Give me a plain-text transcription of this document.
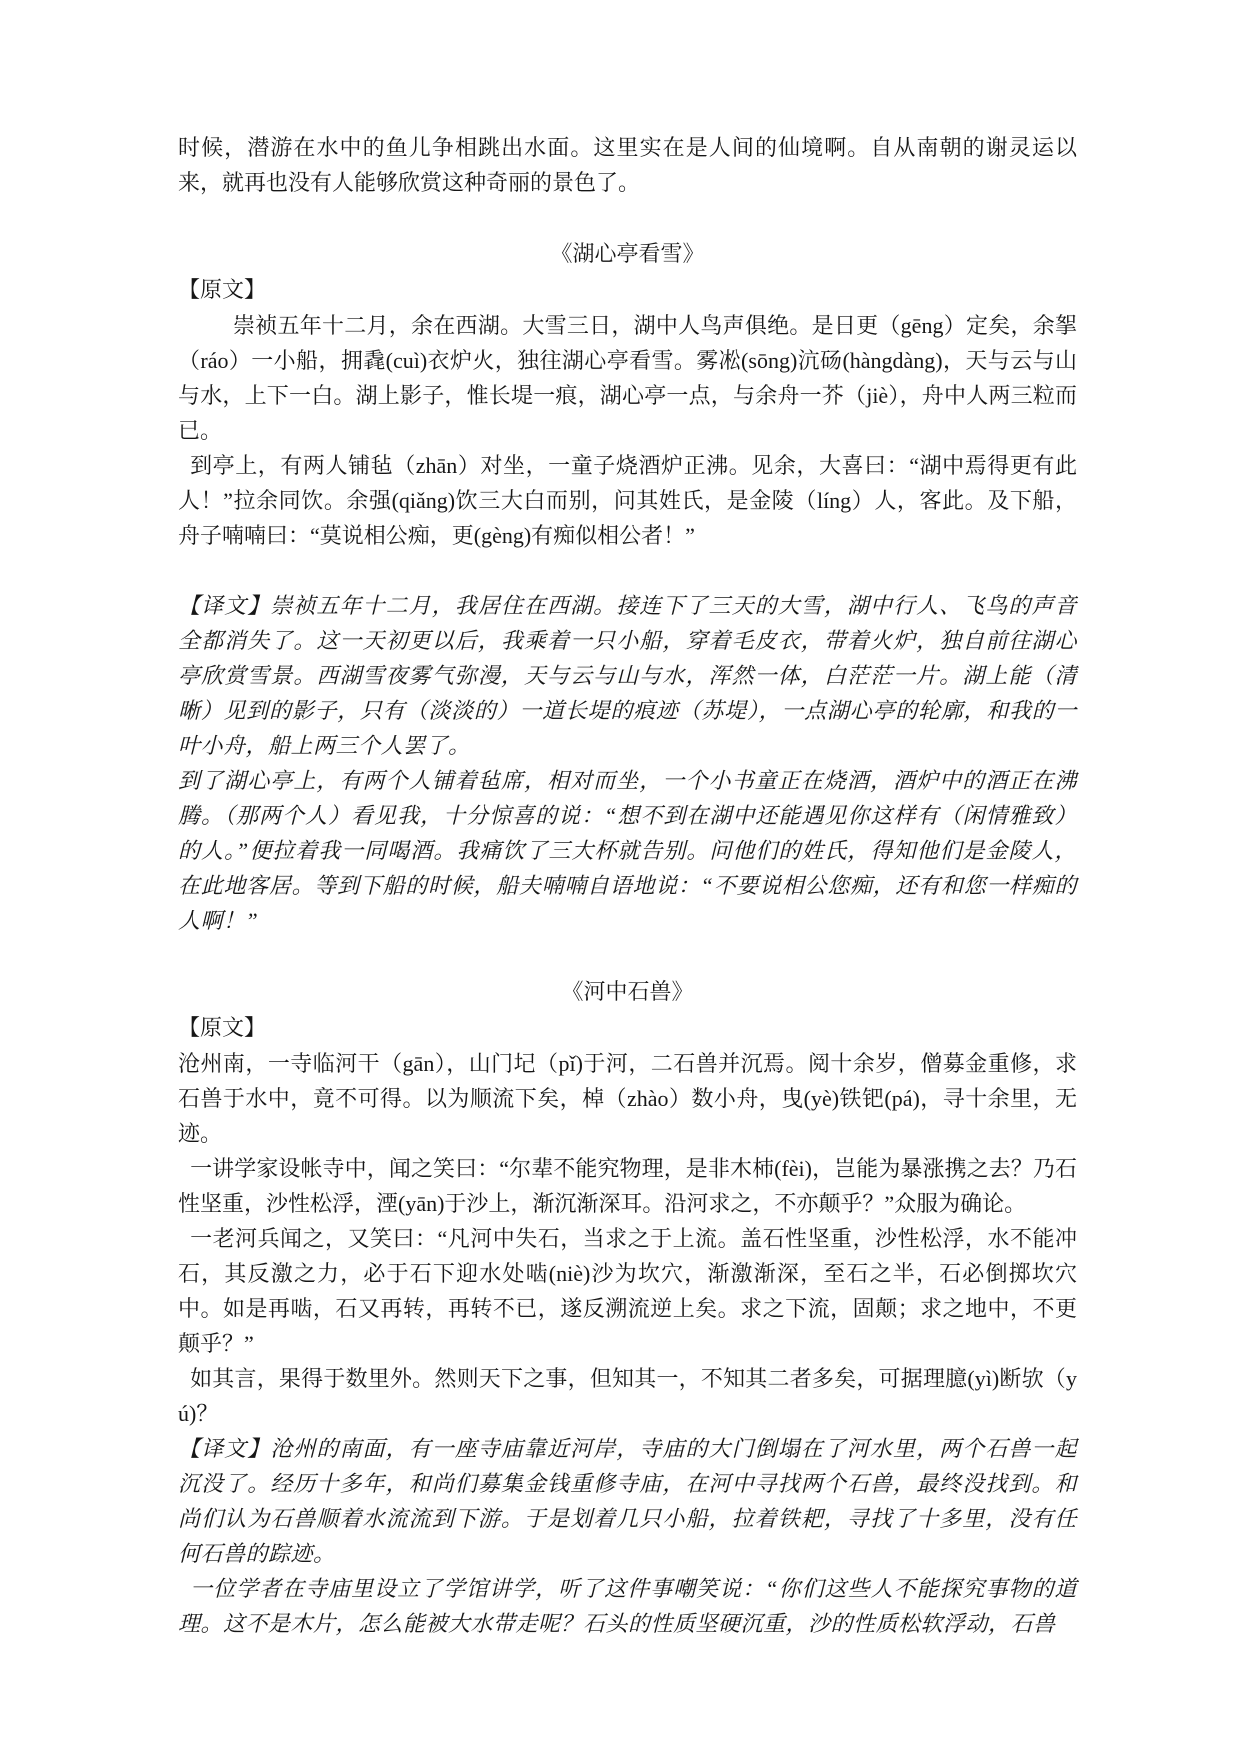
时候，潜游在水中的鱼儿争相跳出水面。这里实在是人间的仙境啊。自从南朝的谢灵运以来，就再也没有人能够欣赏这种奇丽的景色了。

《湖心亭看雪》

【原文】

崇祯五年十二月，余在西湖。大雪三日，湖中人鸟声俱绝。是日更（gēng）定矣，余挐（ráo）一小船，拥毳(cuì)衣炉火，独往湖心亭看雪。雾凇(sōng)沆砀(hàngdàng)，天与云与山与水，上下一白。湖上影子，惟长堤一痕，湖心亭一点，与余舟一芥（jiè），舟中人两三粒而已。

到亭上，有两人铺毡（zhān）对坐，一童子烧酒炉正沸。见余，大喜曰：“湖中焉得更有此人！”拉余同饮。余强(qiǎng)饮三大白而别，问其姓氏，是金陵（líng）人，客此。及下船，舟子喃喃曰：“莫说相公痴，更(gèng)有痴似相公者！”

【译文】崇祯五年十二月，我居住在西湖。接连下了三天的大雪，湖中行人、飞鸟的声音全都消失了。这一天初更以后，我乘着一只小船，穿着毛皮衣，带着火炉，独自前往湖心亭欣赏雪景。西湖雪夜雾气弥漫，天与云与山与水，浑然一体，白茫茫一片。湖上能（清晰）见到的影子，只有（淡淡的）一道长堤的痕迹（苏堤），一点湖心亭的轮廓，和我的一叶小舟，船上两三个人罢了。

到了湖心亭上，有两个人铺着毡席，相对而坐，一个小书童正在烧酒，酒炉中的酒正在沸腾。（那两个人）看见我，十分惊喜的说：“想不到在湖中还能遇见你这样有（闲情雅致）的人。”便拉着我一同喝酒。我痛饮了三大杯就告别。问他们的姓氏，得知他们是金陵人，在此地客居。等到下船的时候，船夫喃喃自语地说：“不要说相公您痴，还有和您一样痴的人啊！”

《河中石兽》

【原文】

沧州南，一寺临河干（gān），山门圮（pǐ)于河，二石兽并沉焉。阅十余岁，僧募金重修，求石兽于水中，竟不可得。以为顺流下矣，棹（zhào）数小舟，曳(yè)铁钯(pá)，寻十余里，无迹。

一讲学家设帐寺中，闻之笑曰：“尔辈不能究物理，是非木杮(fèi)，岂能为暴涨携之去？乃石性坚重，沙性松浮，湮(yān)于沙上，渐沉渐深耳。沿河求之，不亦颠乎？”众服为确论。

一老河兵闻之，又笑曰：“凡河中失石，当求之于上流。盖石性坚重，沙性松浮，水不能冲石，其反激之力，必于石下迎水处啮(niè)沙为坎穴，渐激渐深，至石之半，石必倒掷坎穴中。如是再啮，石又再转，再转不已，遂反溯流逆上矣。求之下流，固颠；求之地中，不更颠乎？”

如其言，果得于数里外。然则天下之事，但知其一，不知其二者多矣，可据理臆(yì)断欤（yú)？

【译文】沧州的南面，有一座寺庙靠近河岸，寺庙的大门倒塌在了河水里，两个石兽一起沉没了。经历十多年，和尚们募集金钱重修寺庙，在河中寻找两个石兽，最终没找到。和尚们认为石兽顺着水流流到下游。于是划着几只小船，拉着铁耙，寻找了十多里，没有任何石兽的踪迹。

一位学者在寺庙里设立了学馆讲学，听了这件事嘲笑说：“你们这些人不能探究事物的道理。这不是木片，怎么能被大水带走呢？石头的性质坚硬沉重，沙的性质松软浮动，石兽
